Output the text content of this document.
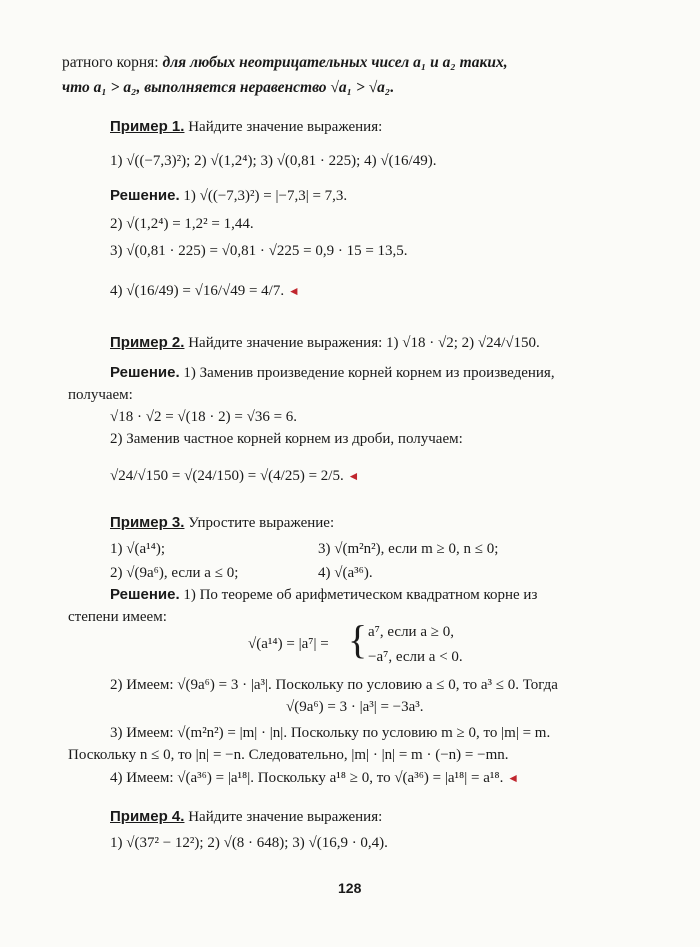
ратного корня: для любых неотрицательных чисел a₁ и a₂ таких,
что a₁ > a₂, выполняется неравенство √a₁ > √a₂.
Пример 1. Найдите значение выражения:
1) √((−7,3)²); 2) √(1,2⁴); 3) √(0,81 · 225); 4) √(16/49).
Решение. 1) √((−7,3)²) = |−7,3| = 7,3.
2) √(1,2⁴) = 1,2² = 1,44.
3) √(0,81 · 225) = √0,81 · √225 = 0,9 · 15 = 13,5.
4) √(16/49) = √16/√49 = 4/7. ◄
Пример 2. Найдите значение выражения: 1) √18 · √2; 2) √24/√150.
Решение. 1) Заменив произведение корней корнем из произведения,
получаем:
√18 · √2 = √(18 · 2) = √36 = 6.
2) Заменив частное корней корнем из дроби, получаем:
√24/√150 = √(24/150) = √(4/25) = 2/5. ◄
Пример 3. Упростите выражение:
1) √(a¹⁴);	3) √(m²n²), если m ≥ 0, n ≤ 0;
2) √(9a⁶), если a ≤ 0;	4) √(a³⁶).
Решение. 1) По теореме об арифметическом квадратном корне из
степени имеем:
√(a¹⁴) = |a⁷| = { a⁷, если a ≥ 0,
−a⁷, если a < 0.
2) Имеем: √(9a⁶) = 3 · |a³|. Поскольку по условию a ≤ 0, то a³ ≤ 0. Тогда
√(9a⁶) = 3 · |a³| = −3a³.
3) Имеем: √(m²n²) = |m| · |n|. Поскольку по условию m ≥ 0, то |m| = m.
Поскольку n ≤ 0, то |n| = −n. Следовательно, |m| · |n| = m · (−n) = −mn.
4) Имеем: √(a³⁶) = |a¹⁸|. Поскольку a¹⁸ ≥ 0, то √(a³⁶) = |a¹⁸| = a¹⁸. ◄
Пример 4. Найдите значение выражения:
1) √(37² − 12²); 2) √(8 · 648); 3) √(16,9 · 0,4).
128
